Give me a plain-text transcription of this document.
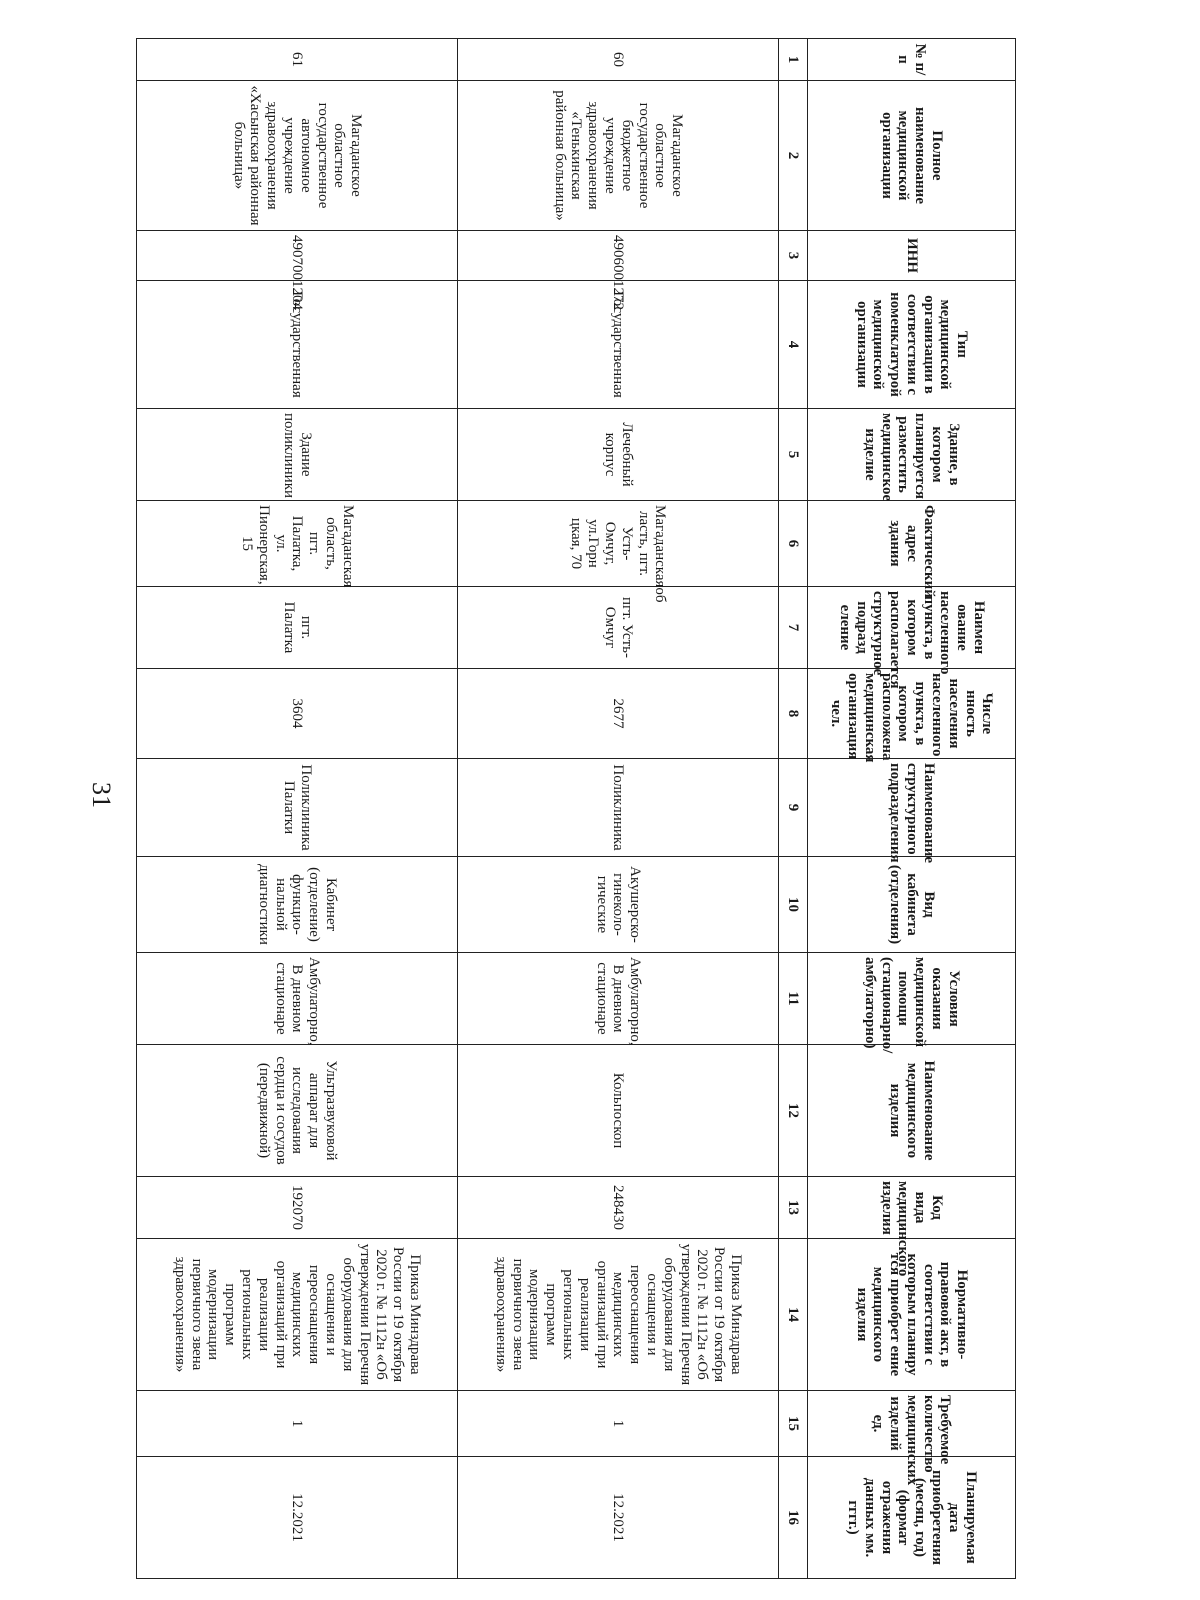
31
№ п/п	Полное наименование медицинской организации	ИНН	Тип медицинской организации в соответствии с номенклатурой медицинской организации	Здание, в котором планируется разместить медицинское изделие	Фактический адрес здания	Наимен ование населенного пункта, в котором располагается структурное подразд еление	Числе нность населения населенного пункта, в котором расположена медицинская организация чел.	Наименование структурного подразделения	Вид кабинета (отделения)	Условия оказания медицинской помощи (стационарно/амбулаторно)	Наименование медицинского изделия	Код вида медицинского изделия	Нормативно- правовой акт, в соответствии с которым планиру тся приобрет ение медицинского изделия	Требуемое количество медицинских изделий ед.	Планируемая дата приобретения (месяц, год) (формат отражения данных мм. гггг.)
1	2	3	4	5	6	7	8	9	10	11	12	13	14	15	16
60	Магаданское областное государственное бюджетное учреждение здравоохранения «Тенькинская районная больница»	4906001272	Государственная	Лечебный корпус	Магаданскаяоб ласть, пгт. Усть- Омчуг, ул.Горн цкая, 70	пгт. Усть- Омчуг	2677	Поликлиника	Акушерско- гинеколо- гические	Амбулаторно, В дневном стационаре	Кольпоскоп	248430	Приказ Минздрава России от 19 октября 2020 г. № 1112н «Об утверждении Перечня оборудования для оснащения и переоснащения медицинских организаций при реализации региональных программ модернизации первичного звена здравоохранения»	1	12.2021
61	Магаданское областное государственное автономное учреждение здравоохранения «Хасынская районная больница»	4907001204	Государственная	Здание поликлиники	Магаданская область, пгт. Палатка, ул. Пионерская, 15	пгт. Палатка	3604	Поликлиника Палатки	Кабинет (отделение) функцио- нальной диагностики	Амбулаторно, В дневном стационаре	Ультразвуковой аппарат для исследования сердца и сосудов (передвижной)	192070	Приказ Минздрава России от 19 октября 2020 г. № 1112н «Об утверждении Перечня оборудования для оснащения и переоснащения медицинских организаций при реализации региональных программ модернизации первичного звена здравоохранения»	1	12.2021
